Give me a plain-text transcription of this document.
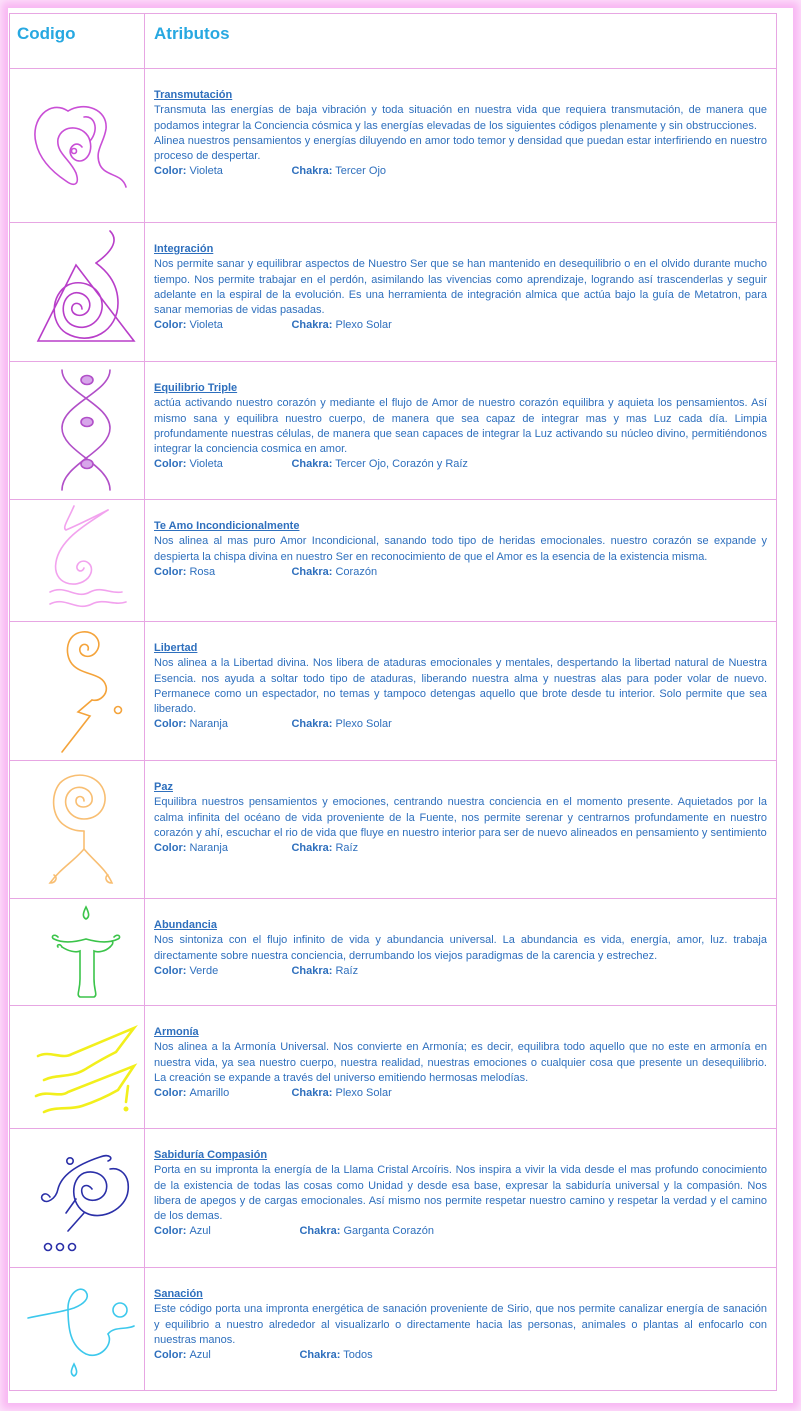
Codigo	Atributos

Transmutación
Transmuta las energías de baja vibración y toda situación en nuestra vida que requiera transmutación, de manera que podamos integrar la Conciencia cósmica y las energías elevadas de los siguientes códigos plenamente y sin obstrucciones.
Alinea nuestros pensamientos y energías diluyendo en amor todo temor y densidad que puedan estar interfiriendo en nuestro proceso de despertar.
Color: Violeta Chakra: Tercer Ojo

Integración
Nos permite sanar y equilibrar aspectos de Nuestro Ser que se han mantenido en desequilibrio o en el olvido durante mucho tiempo. Nos permite trabajar en el perdón, asimilando las vivencias como aprendizaje, logrando así trascenderlas y seguir adelante en la espiral de la evolución. Es una herramienta de integración almica que actúa bajo la guía de Metatron, para sanar memorias de vidas pasadas.
Color: Violeta Chakra: Plexo Solar

Equilibrio Triple
actúa activando nuestro corazón y mediante el flujo de Amor de nuestro corazón equilibra y aquieta los pensamientos. Así mismo sana y equilibra nuestro cuerpo, de manera que sea capaz de integrar mas y mas Luz cada día. Limpia profundamente nuestras células, de manera que sean capaces de integrar la Luz activando su núcleo divino, permitiéndonos integrar la conciencia cosmica en amor.
Color: Violeta Chakra: Tercer Ojo, Corazón y Raíz

Te Amo Incondicionalmente
Nos alinea al mas puro Amor Incondicional, sanando todo tipo de heridas emocionales. nuestro corazón se expande y despierta la chispa divina en nuestro Ser en reconocimiento de que el Amor es la esencia de la existencia misma.
Color: Rosa Chakra: Corazón

Libertad
Nos alinea a la Libertad divina. Nos libera de ataduras emocionales y mentales, despertando la libertad natural de Nuestra Esencia. nos ayuda a soltar todo tipo de ataduras, liberando nuestra alma y nuestras alas para poder volar de nuevo. Permanece como un espectador, no temas y tampoco detengas aquello que brote desde tu interior. Solo permite que sea liberado.
Color: Naranja Chakra: Plexo Solar

Paz
Equilibra nuestros pensamientos y emociones, centrando nuestra conciencia en el momento presente. Aquietados por la calma infinita del océano de vida proveniente de la Fuente, nos permite serenar y centrarnos profundamente en nuestro corazón y ahí, escuchar el rio de vida que fluye en nuestro interior para ser de nuevo alineados en pensamiento y sentimiento
Color: Naranja Chakra: Raíz

Abundancia
Nos sintoniza con el flujo infinito de vida y abundancia universal. La abundancia es vida, energía, amor, luz. trabaja directamente sobre nuestra conciencia, derrumbando los viejos paradigmas de la carencia y estrechez.
Color: Verde Chakra: Raíz

Armonía
Nos alinea a la Armonía Universal. Nos convierte en Armonía; es decir, equilibra todo aquello que no este en armonía en nuestra vida, ya sea nuestro cuerpo, nuestra realidad, nuestras emociones o cualquier cosa que presente un desequilibrio. La creación se expande a través del universo emitiendo hermosas melodías.
Color: Amarillo Chakra: Plexo Solar

Sabiduría Compasión
Porta en su impronta la energía de la Llama Cristal Arcoíris. Nos inspira a vivir la vida desde el mas profundo conocimiento de la existencia de todas las cosas como Unidad y desde esa base, expresar la sabiduría universal y la compasión. Nos libera de apegos y de cargas emocionales. Así mismo nos permite respetar nuestro camino y respetar la verdad y el camino de los demas.
Color: Azul Chakra: Garganta Corazón

Sanación
Este código porta una impronta energética de sanación proveniente de Sirio, que nos permite canalizar energía de sanación y equilibrio a nuestro alrededor al visualizarlo o directamente hacia las personas, animales o plantas al enfocarlo con nuestras manos.
Color: Azul Chakra: Todos
